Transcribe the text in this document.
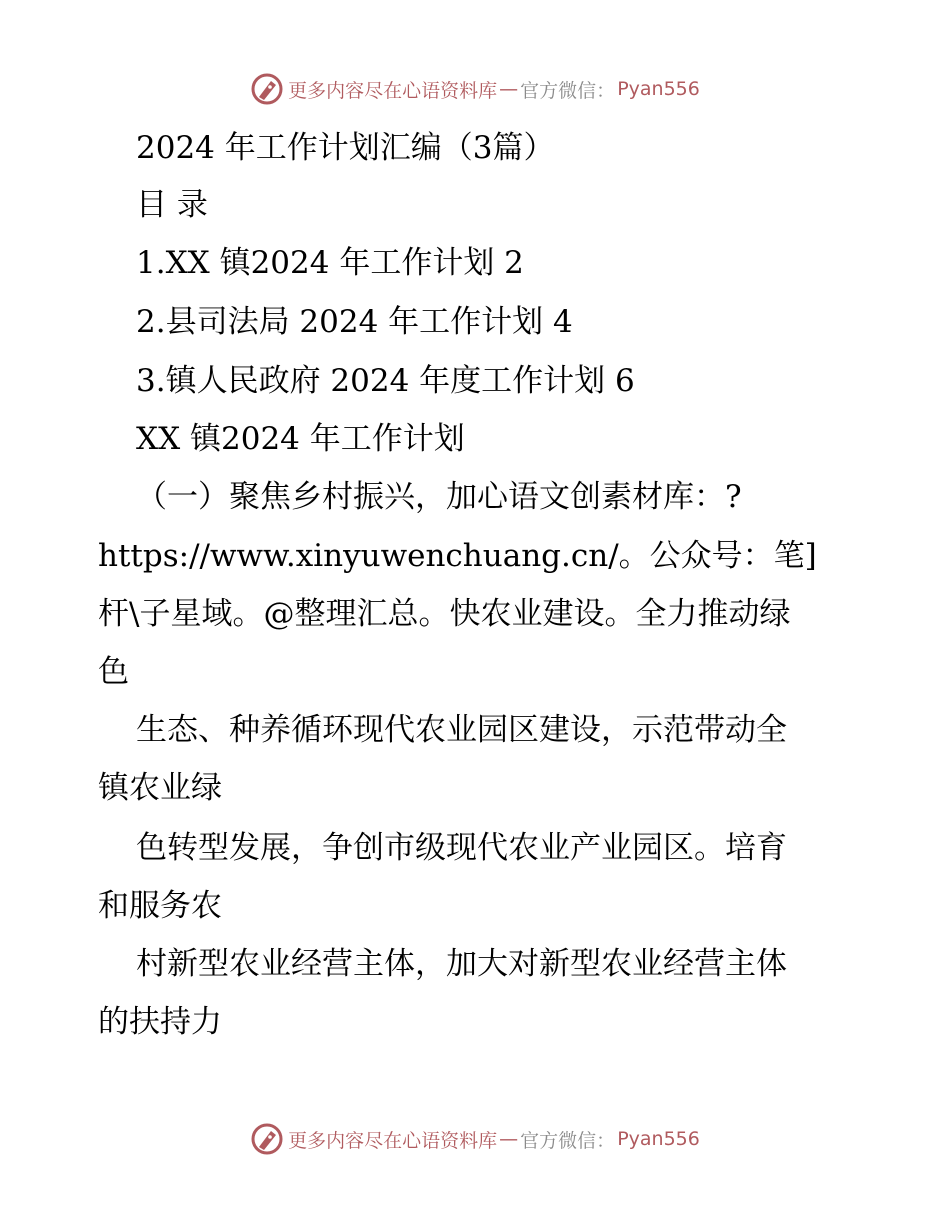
更多内容尽在心语资料库 — 官方微信： Pyan556
2024 年工作计划汇编（3篇）
目 录
1.XX 镇2024 年工作计划 2
2.县司法局 2024 年工作计划 4
3.镇人民政府 2024 年度工作计划 6
XX 镇2024 年工作计划
（一）聚焦乡村振兴，加心语文创素材库：?
https://www.xinyuwenchuang.cn/。公众号：笔]
杆\子星域。@整理汇总。快农业建设。全力推动绿
色
生态、种养循环现代农业园区建设，示范带动全
镇农业绿
色转型发展，争创市级现代农业产业园区。培育
和服务农
村新型农业经营主体，加大对新型农业经营主体
的扶持力
更多内容尽在心语资料库 — 官方微信： Pyan556
